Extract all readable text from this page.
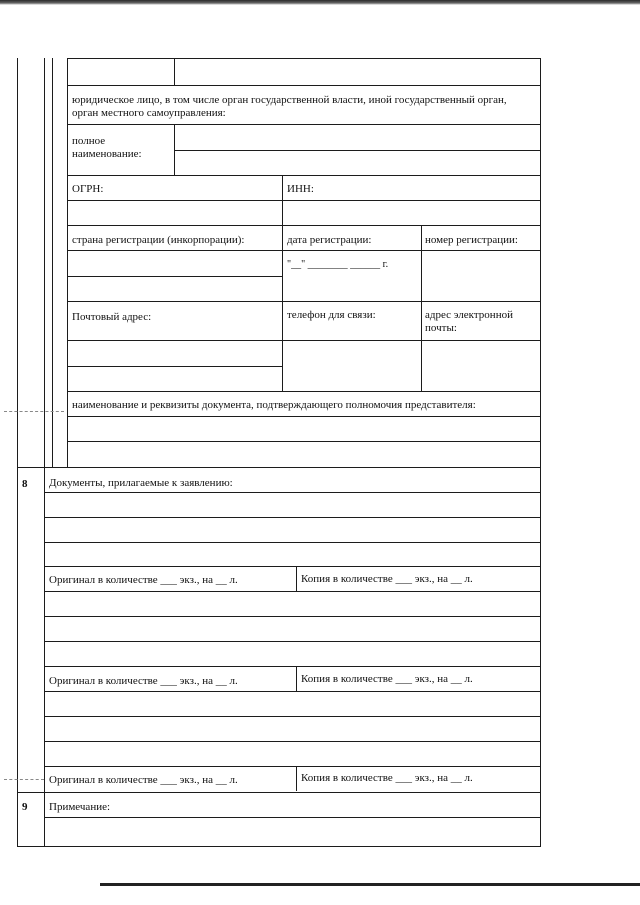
юридическое лицо, в том числе орган государственной власти, иной государственный орган, орган местного самоуправления:
полное наименование:
ОГРН:	ИНН:
страна регистрации (инкорпорации):	дата регистрации:	номер регистрации:
"__" ________ ______ г.
Почтовый адрес:	телефон для связи:	адрес электронной почты:
наименование и реквизиты документа, подтверждающего полномочия представителя:
8 Документы, прилагаемые к заявлению:
Оригинал в количестве ___ экз., на __ л.	Копия в количестве ___ экз., на __ л.
Оригинал в количестве ___ экз., на __ л.	Копия в количестве ___ экз., на __ л.
Оригинал в количестве ___ экз., на __ л.	Копия в количестве ___ экз., на __ л.
9 Примечание:
